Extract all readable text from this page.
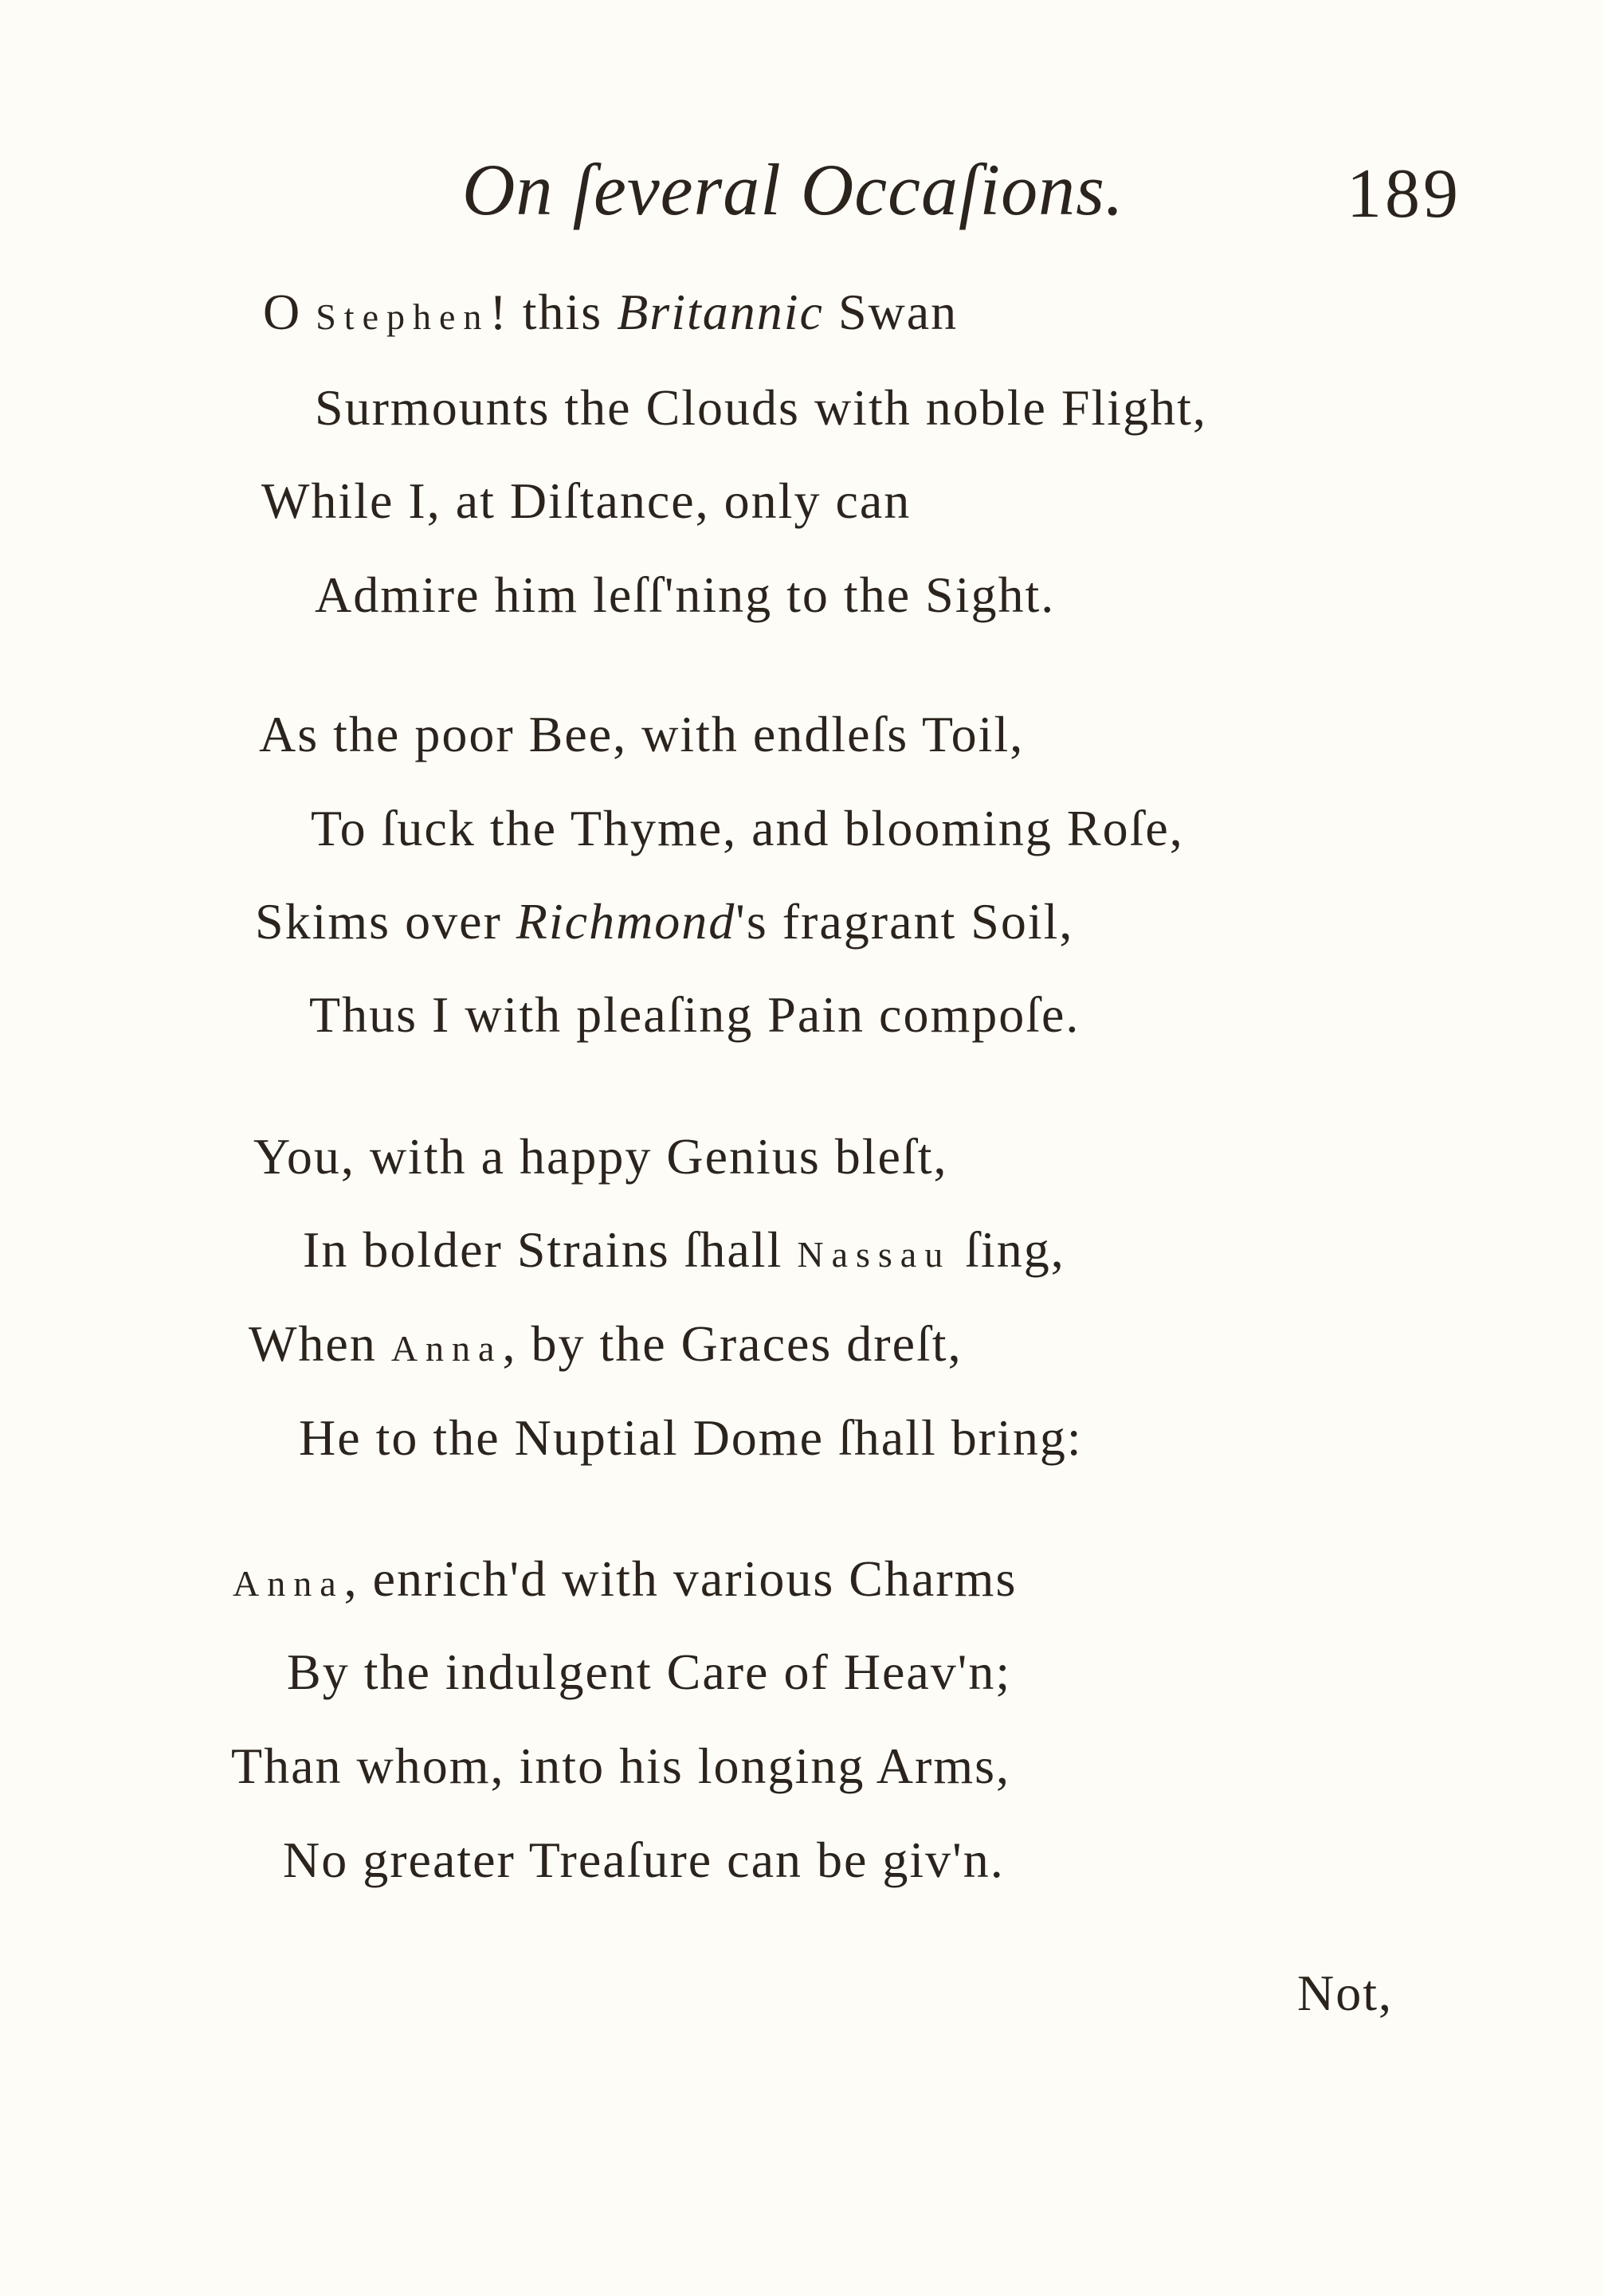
On ſeveral Occaſions.	189
O Stephen! this Britannic Swan
Surmounts the Clouds with noble Flight,
While I, at Diſtance, only can
Admire him leſſ'ning to the Sight.
As the poor Bee, with endleſs Toil,
To ſuck the Thyme, and blooming Roſe,
Skims over Richmond's fragrant Soil,
Thus I with pleaſing Pain compoſe.
You, with a happy Genius bleſt,
In bolder Strains ſhall Nassau ſing,
When Anna, by the Graces dreſt,
He to the Nuptial Dome ſhall bring:
Anna, enrich'd with various Charms
By the indulgent Care of Heav'n;
Than whom, into his longing Arms,
No greater Treaſure can be giv'n.
Not,
